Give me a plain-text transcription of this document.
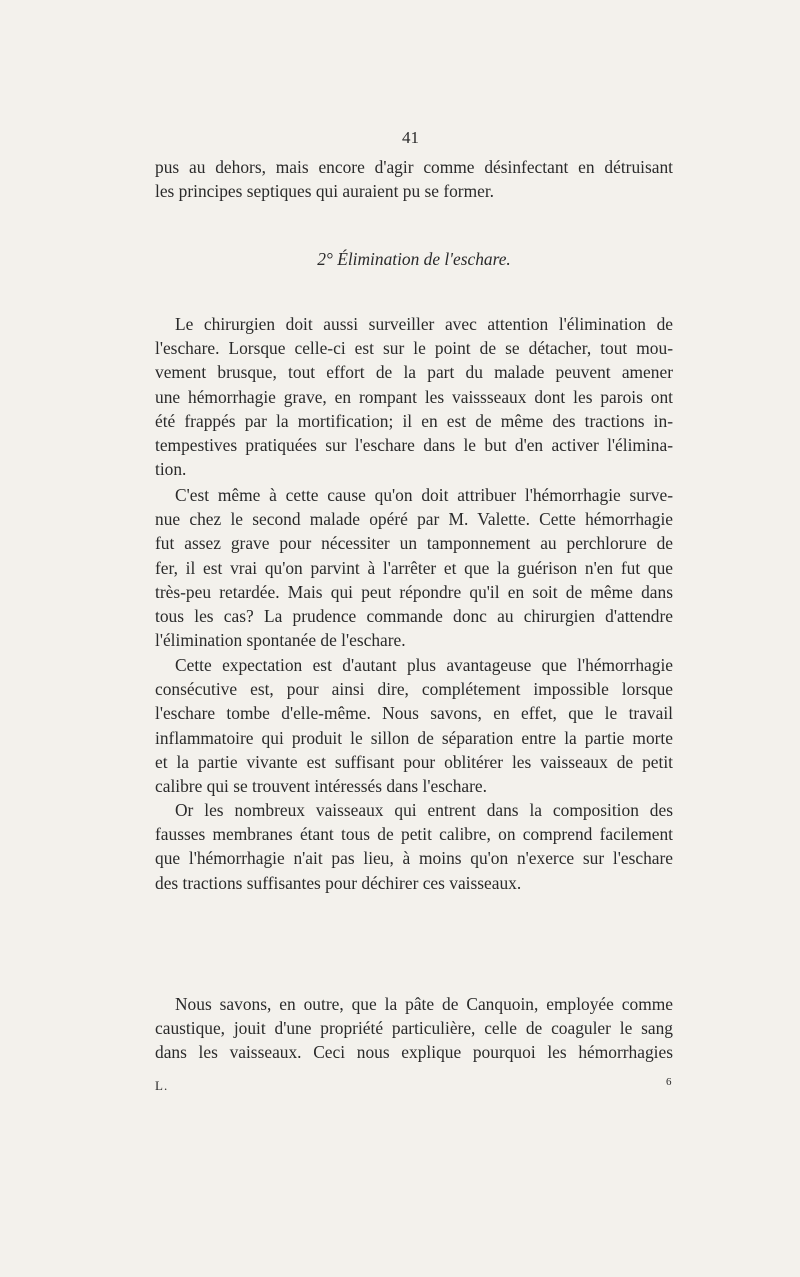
41
pus au dehors, mais encore d'agir comme désinfectant en détruisant
les principes septiques qui auraient pu se former.
2° Élimination de l'eschare.
Le chirurgien doit aussi surveiller avec attention l'élimination de
l'eschare. Lorsque celle-ci est sur le point de se détacher, tout mou-
vement brusque, tout effort de la part du malade peuvent amener
une hémorrhagie grave, en rompant les vaissseaux dont les parois ont
été frappés par la mortification; il en est de même des tractions in-
tempestives pratiquées sur l'eschare dans le but d'en activer l'élimina-
tion.
C'est même à cette cause qu'on doit attribuer l'hémorrhagie surve-
nue chez le second malade opéré par M. Valette. Cette hémorrhagie
fut assez grave pour nécessiter un tamponnement au perchlorure de
fer, il est vrai qu'on parvint à l'arrêter et que la guérison n'en fut que
très-peu retardée. Mais qui peut répondre qu'il en soit de même dans
tous les cas? La prudence commande donc au chirurgien d'attendre
l'élimination spontanée de l'eschare.
Cette expectation est d'autant plus avantageuse que l'hémorrhagie
consécutive est, pour ainsi dire, complétement impossible lorsque
l'eschare tombe d'elle-même. Nous savons, en effet, que le travail
inflammatoire qui produit le sillon de séparation entre la partie morte
et la partie vivante est suffisant pour oblitérer les vaisseaux de petit
calibre qui se trouvent intéressés dans l'eschare.
Or les nombreux vaisseaux qui entrent dans la composition des
fausses membranes étant tous de petit calibre, on comprend facilement
que l'hémorrhagie n'ait pas lieu, à moins qu'on n'exerce sur l'eschare
des tractions suffisantes pour déchirer ces vaisseaux.
Nous savons, en outre, que la pâte de Canquoin, employée comme
caustique, jouit d'une propriété particulière, celle de coaguler le sang
dans les vaisseaux. Ceci nous explique pourquoi les hémorrhagies
L.	6
